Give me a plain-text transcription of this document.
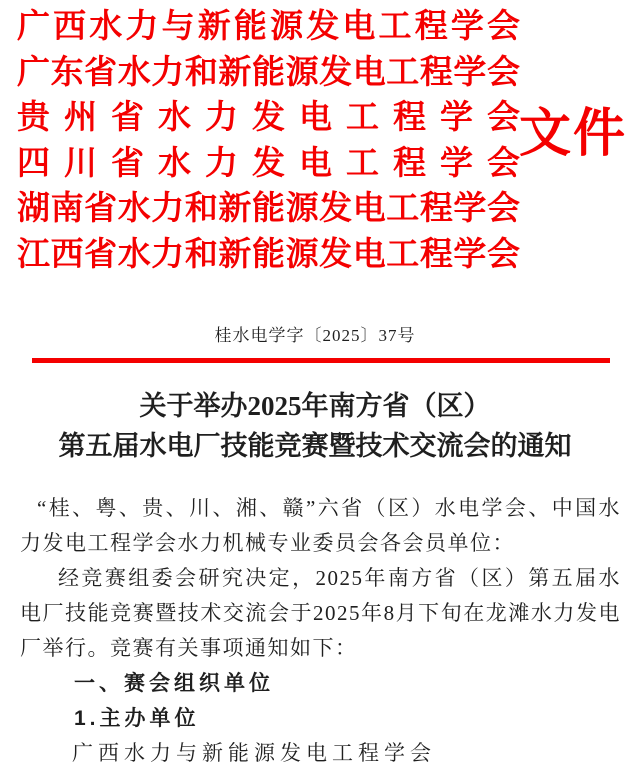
广西水力与新能源发电工程学会
广东省水力和新能源发电工程学会
贵州省水力发电工程学会
四川省水力发电工程学会
湖南省水力和新能源发电工程学会
江西省水力和新能源发电工程学会
文件
桂水电学字〔2025〕37号
关于举办2025年南方省（区）
第五届水电厂技能竞赛暨技术交流会的通知

“桂、粤、贵、川、湘、赣”六省（区）水电学会、中国水力发电工程学会水力机械专业委员会各会员单位：

经竞赛组委会研究决定，2025年南方省（区）第五届水电厂技能竞赛暨技术交流会于2025年8月下旬在龙滩水力发电厂举行。竞赛有关事项通知如下：

一、赛会组织单位

1.主办单位

广西水力与新能源发电工程学会
